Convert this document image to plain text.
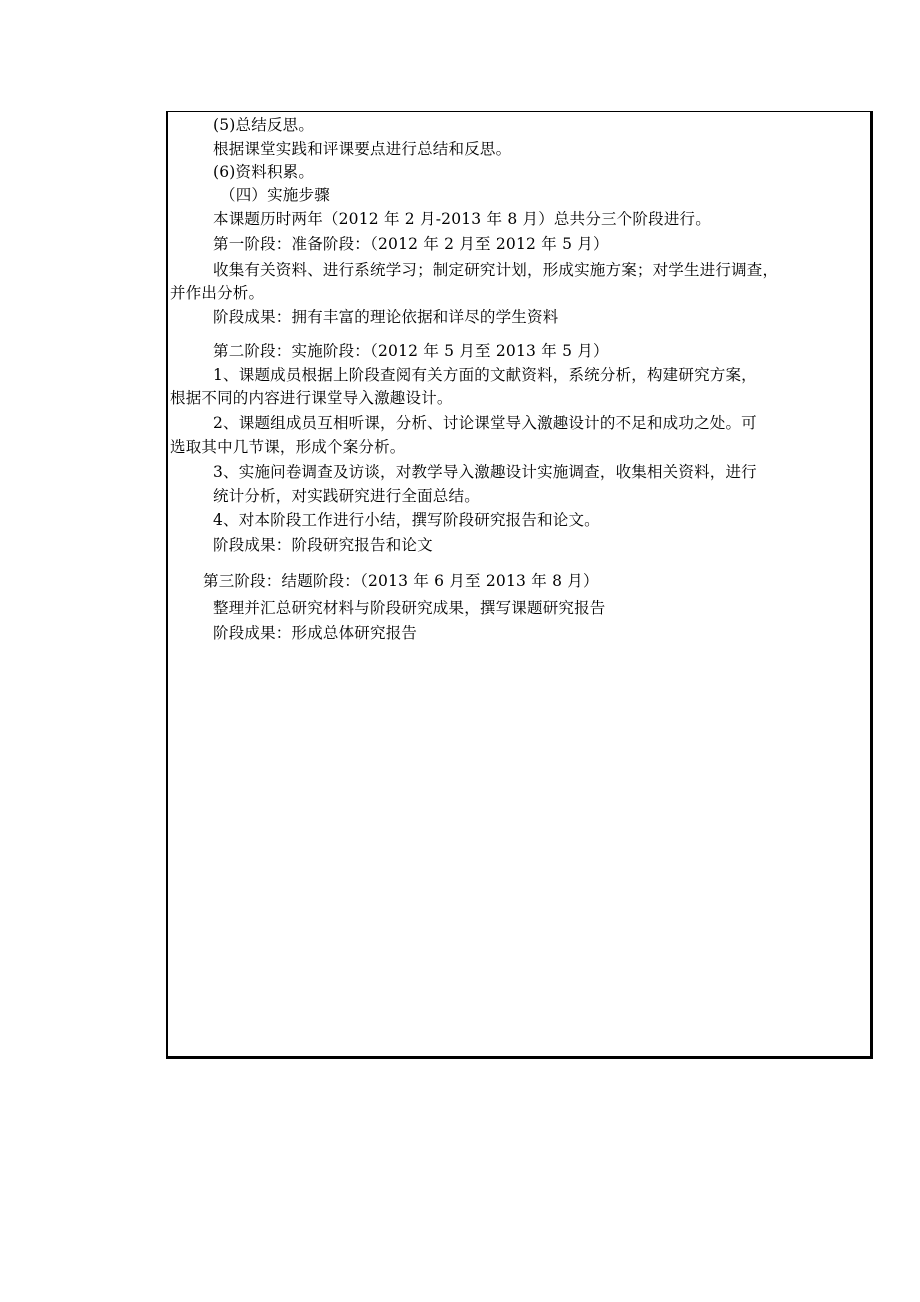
(5)总结反思。
根据课堂实践和评课要点进行总结和反思。
(6)资料积累。
（四）实施步骤
本课题历时两年（2012 年 2 月-2013 年 8 月）总共分三个阶段进行。
第一阶段：准备阶段：（2012 年 2 月至 2012 年 5 月）
收集有关资料、进行系统学习；制定研究计划，形成实施方案；对学生进行调查，
并作出分析。
阶段成果：拥有丰富的理论依据和详尽的学生资料
第二阶段：实施阶段：（2012 年 5 月至 2013 年 5 月）
1、课题成员根据上阶段查阅有关方面的文献资料，系统分析，构建研究方案，
根据不同的内容进行课堂导入激趣设计。
2、课题组成员互相听课，分析、讨论课堂导入激趣设计的不足和成功之处。可
选取其中几节课，形成个案分析。
3、实施问卷调查及访谈，对教学导入激趣设计实施调查，收集相关资料，进行
统计分析，对实践研究进行全面总结。
4、对本阶段工作进行小结，撰写阶段研究报告和论文。
阶段成果：阶段研究报告和论文
第三阶段：结题阶段：（2013 年 6 月至 2013 年 8 月）
整理并汇总研究材料与阶段研究成果，撰写课题研究报告
阶段成果：形成总体研究报告
